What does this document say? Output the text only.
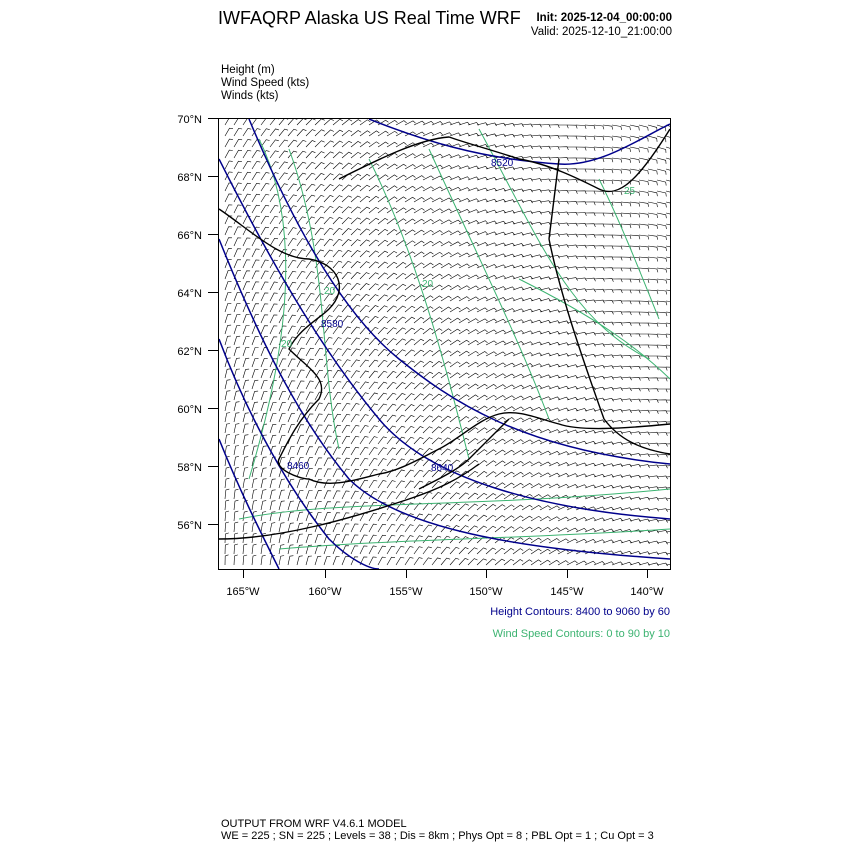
IWFAQRP Alaska US Real Time WRF Init: 2025-12-04_00:00:00
Valid: 2025-12-10_21:00:00
Height (m)
Wind Speed (kts)
Winds (kts)
8520
8580
8460	8640
20
25
20
20
70°N
68°N
66°N
64°N
62°N
60°N
58°N
56°N
165°W	160°W	155°W	150°W	145°W	140°W
Height Contours: 8400 to 9060 by 60
Wind Speed Contours: 0 to 90 by 10
OUTPUT FROM WRF V4.6.1 MODEL
WE = 225 ; SN = 225 ; Levels = 38 ; Dis = 8km ; Phys Opt = 8 ; PBL Opt = 1 ; Cu Opt = 3
